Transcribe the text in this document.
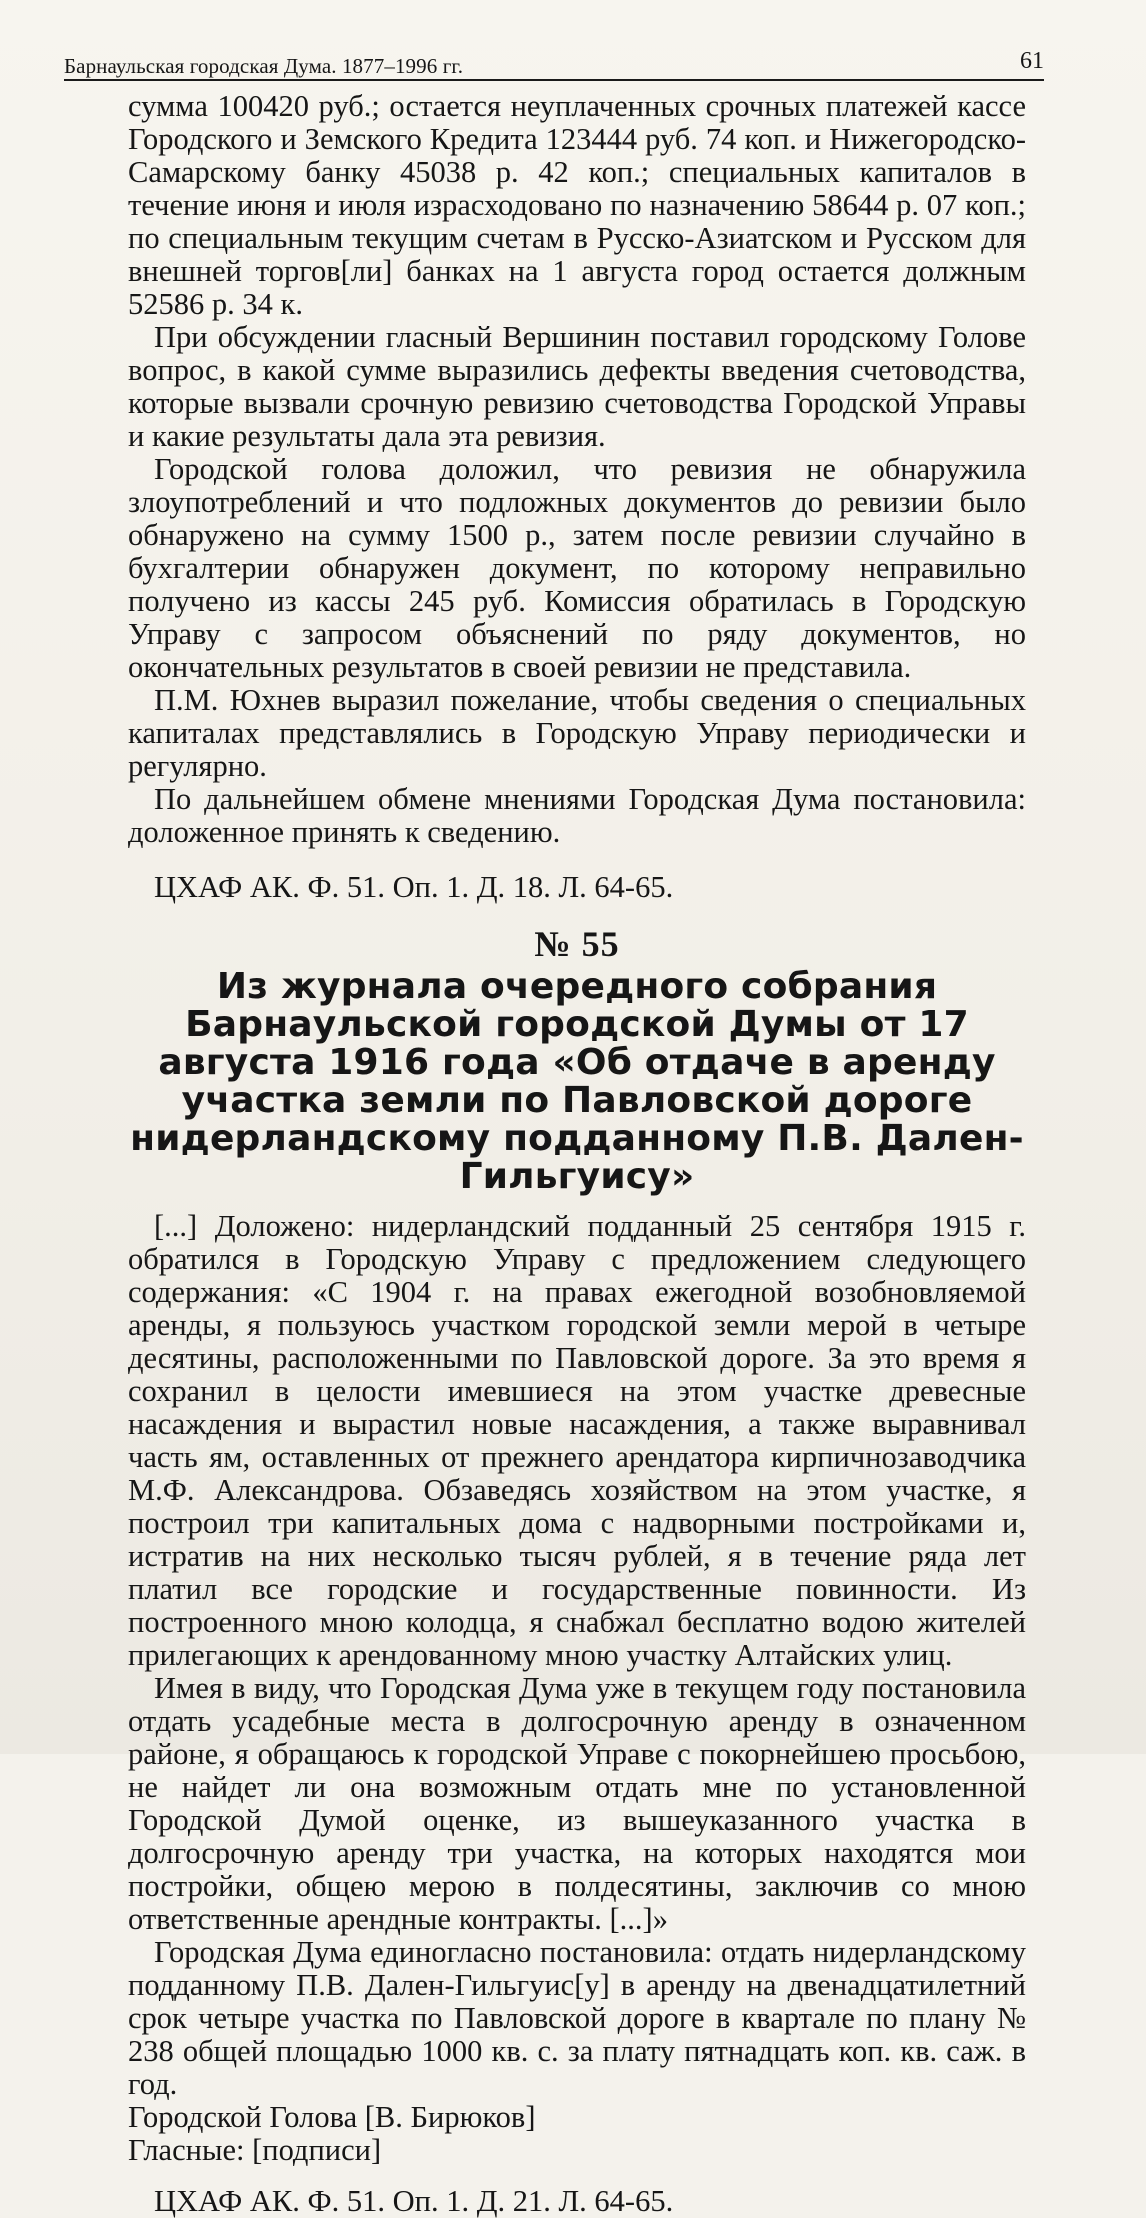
Барнаульская городская Дума. 1877–1996 гг.	61

сумма 100420 руб.; остается неуплаченных срочных платежей кассе Городского и Земского Кредита 123444 руб. 74 коп. и Нижегородско-Самарскому банку 45038 р. 42 коп.; специальных капиталов в течение июня и июля израсходовано по назначению 58644 р. 07 коп.; по специальным текущим счетам в Русско-Азиатском и Русском для внешней торгов[ли] банках на 1 августа город остается должным 52586 р. 34 к.

При обсуждении гласный Вершинин поставил городскому Голове вопрос, в какой сумме выразились дефекты введения счетоводства, которые вызвали срочную ревизию счетоводства Городской Управы и какие результаты дала эта ревизия.

Городской голова доложил, что ревизия не обнаружила злоупотреблений и что подложных документов до ревизии было обнаружено на сумму 1500 р., затем после ревизии случайно в бухгалтерии обнаружен документ, по которому неправильно получено из кассы 245 руб. Комиссия обратилась в Городскую Управу с запросом объяснений по ряду документов, но окончательных результатов в своей ревизии не представила.

П.М. Юхнев выразил пожелание, чтобы сведения о специальных капиталах представлялись в Городскую Управу периодически и регулярно.

По дальнейшем обмене мнениями Городская Дума постановила: доложенное принять к сведению.

ЦХАФ АК. Ф. 51. Оп. 1. Д. 18. Л. 64-65.

№ 55

Из журнала очередного собрания Барнаульской городской Думы от 17 августа 1916 года «Об отдаче в аренду участка земли по Павловской дороге нидерландскому подданному П.В. Дален-Гильгуису»

[...] Доложено: нидерландский подданный 25 сентября 1915 г. обратился в Городскую Управу с предложением следующего содержания: «С 1904 г. на правах ежегодной возобновляемой аренды, я пользуюсь участком городской земли мерой в четыре десятины, расположенными по Павловской дороге. За это время я сохранил в целости имевшиеся на этом участке древесные насаждения и вырастил новые насаждения, а также выравнивал часть ям, оставленных от прежнего арендатора кирпичнозаводчика М.Ф. Александрова. Обзаведясь хозяйством на этом участке, я построил три капитальных дома с надворными постройками и, истратив на них несколько тысяч рублей, я в течение ряда лет платил все городские и государственные повинности. Из построенного мною колодца, я снабжал бесплатно водою жителей прилегающих к арендованному мною участку Алтайских улиц.

Имея в виду, что Городская Дума уже в текущем году постановила отдать усадебные места в долгосрочную аренду в означенном районе, я обращаюсь к городской Управе с покорнейшею просьбою, не найдет ли она возможным отдать мне по установленной Городской Думой оценке, из вышеуказанного участка в долгосрочную аренду три участка, на которых находятся мои постройки, общею мерою в полдесятины, заключив со мною ответственные арендные контракты. [...]»

Городская Дума единогласно постановила: отдать нидерландскому подданному П.В. Дален-Гильгуис[у] в аренду на двенадцатилетний срок четыре участка по Павловской дороге в квартале по плану № 238 общей площадью 1000 кв. с. за плату пятнадцать коп. кв. саж. в год.

Городской Голова [В. Бирюков]

Гласные: [подписи]

ЦХАФ АК. Ф. 51. Оп. 1. Д. 21. Л. 64-65.
